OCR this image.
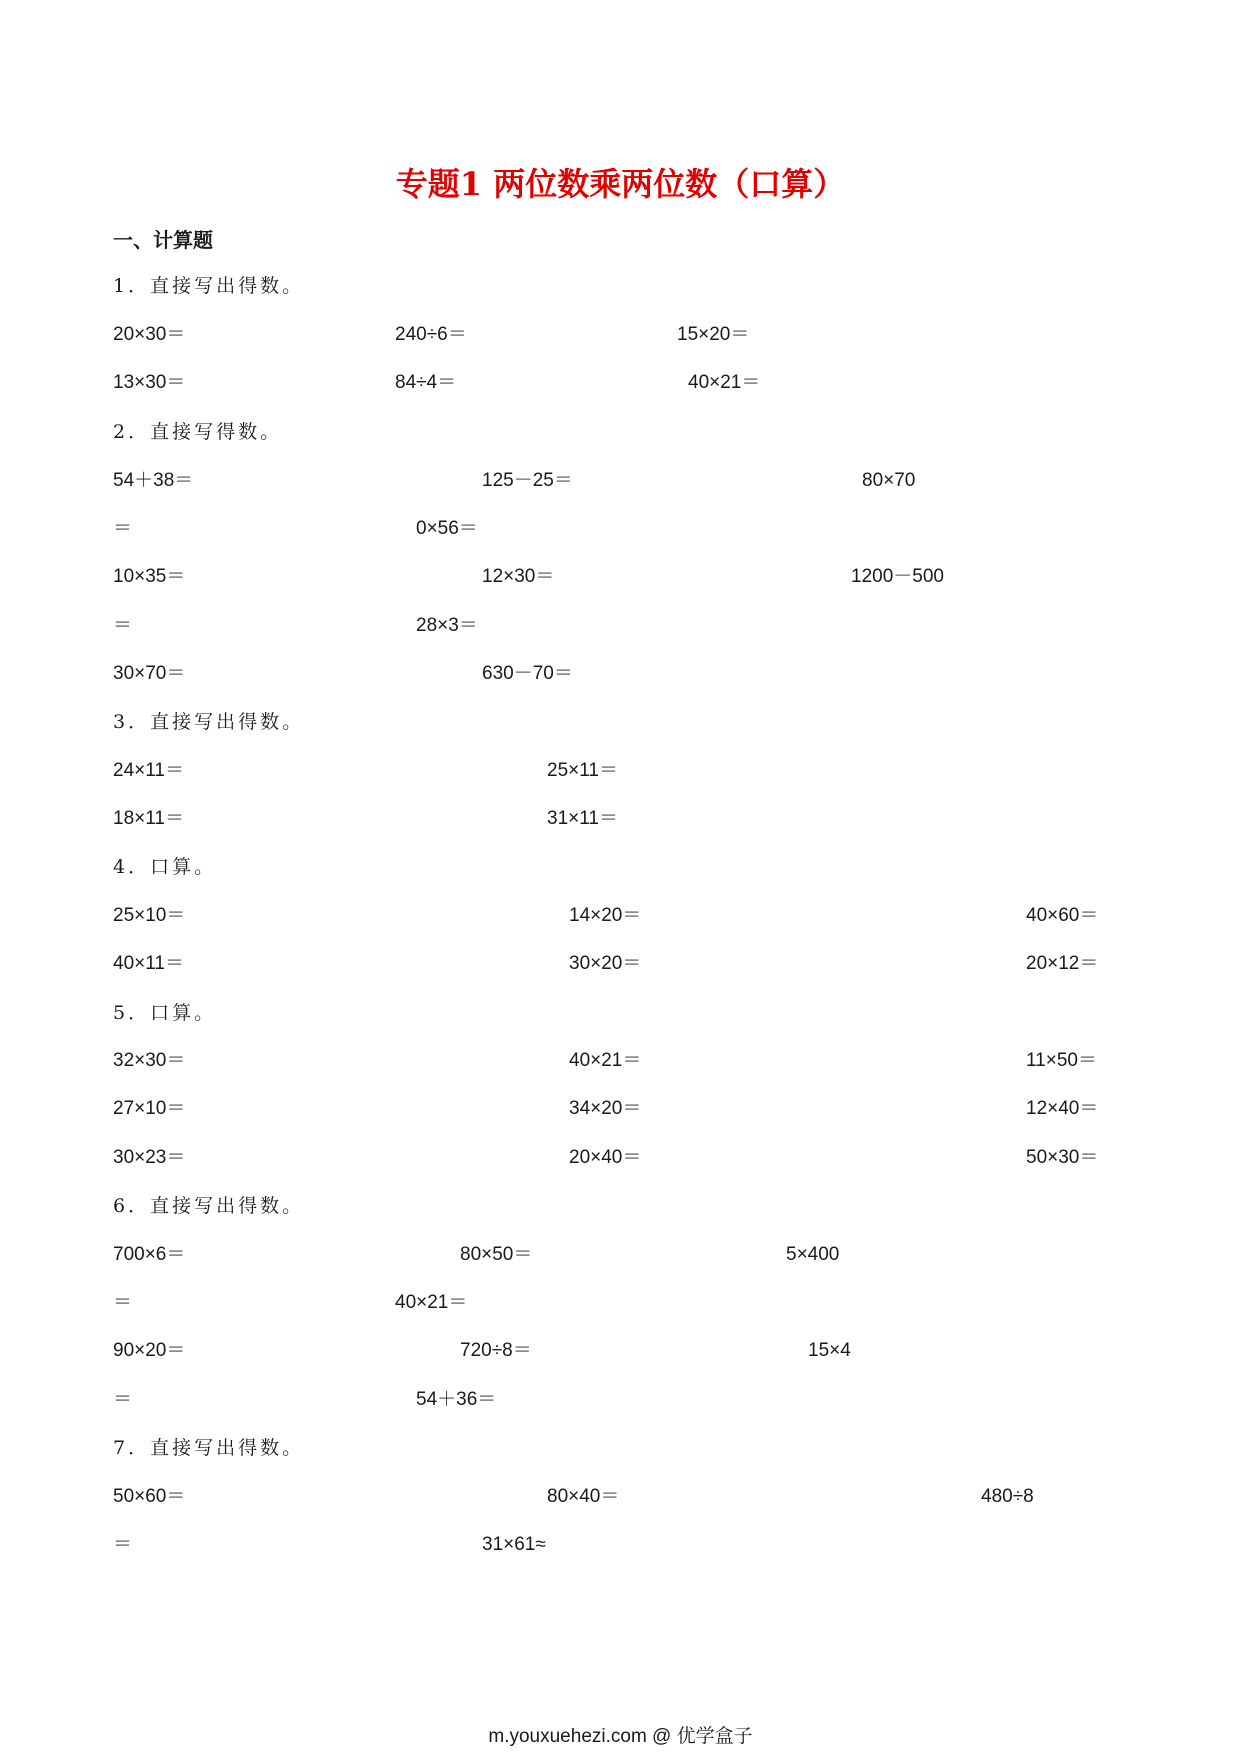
专题1 两位数乘两位数（口算）
一、计算题
1．直接写出得数。
20×30＝	240÷6＝	15×20＝
13×30＝	84÷4＝	40×21＝
2．直接写得数。
54＋38＝	125－25＝	80×70
＝	0×56＝
10×35＝	12×30＝	1200－500
＝	28×3＝
30×70＝	630－70＝
3．直接写出得数。
24×11＝	25×11＝
18×11＝	31×11＝
4．口算。
25×10＝	14×20＝	40×60＝
40×11＝	30×20＝	20×12＝
5．口算。
32×30＝	40×21＝	11×50＝
27×10＝	34×20＝	12×40＝
30×23＝	20×40＝	50×30＝
6．直接写出得数。
700×6＝	80×50＝	5×400
＝	40×21＝
90×20＝	720÷8＝	15×4
＝	54＋36＝
7．直接写出得数。
50×60＝	80×40＝	480÷8
＝	31×61≈
m.youxuehezi.com @ 优学盒子
